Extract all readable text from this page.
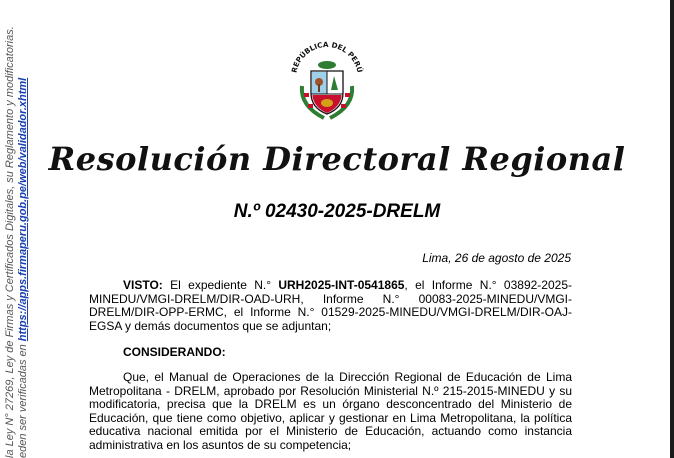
la Ley N° 27269, Ley de Firmas y Certificados Digitales, su Reglamento y modificatorias. eden ser verificadas en https://apps.firmaperu.gob.pe/web/validador.xhtml
REPÚBLICA DEL PERÚ
Resolución Directoral Regional
N.º 02430-2025-DRELM
Lima, 26 de agosto de 2025
VISTO: El expediente N.° URH2025-INT-0541865, el Informe N.° 03892-2025-MINEDU/VMGI-DRELM/DIR-OAD-URH, Informe N.° 00083-2025-MINEDU/VMGI-DRELM/DIR-OPP-ERMC, el Informe N.° 01529-2025-MINEDU/VMGI-DRELM/DIR-OAJ-EGSA y demás documentos que se adjuntan;
CONSIDERANDO:
Que, el Manual de Operaciones de la Dirección Regional de Educación de Lima Metropolitana - DRELM, aprobado por Resolución Ministerial N.º 215-2015-MINEDU y su modificatoria, precisa que la DRELM es un órgano desconcentrado del Ministerio de Educación, que tiene como objetivo, aplicar y gestionar en Lima Metropolitana, la política educativa nacional emitida por el Ministerio de Educación, actuando como instancia administrativa en los asuntos de su competencia;
